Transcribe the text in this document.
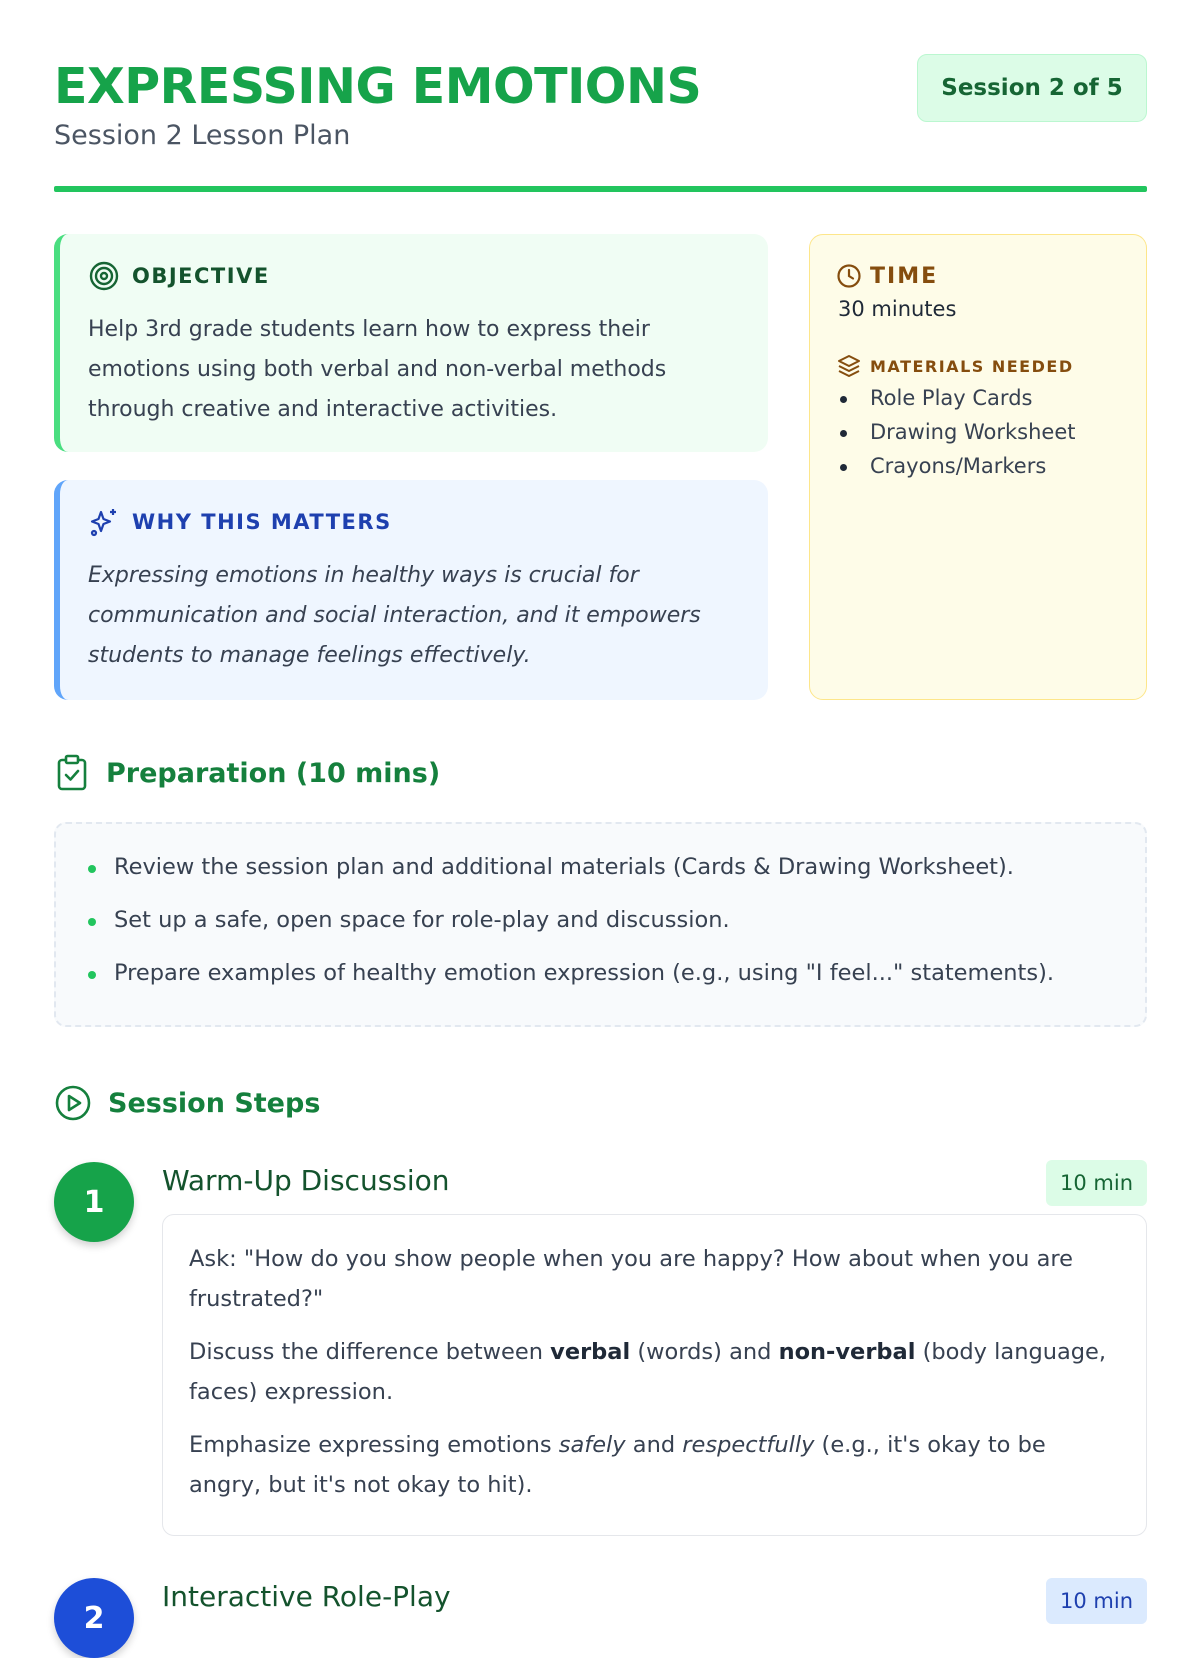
EXPRESSING EMOTIONS
Session 2 Lesson Plan
Session 2 of 5
OBJECTIVE
Help 3rd grade students learn how to express their emotions using both verbal and non-verbal methods through creative and interactive activities.
WHY THIS MATTERS
Expressing emotions in healthy ways is crucial for communication and social interaction, and it empowers students to manage feelings effectively.
TIME
30 minutes
MATERIALS NEEDED
Role Play Cards
Drawing Worksheet
Crayons/Markers
Preparation (10 mins)
Review the session plan and additional materials (Cards & Drawing Worksheet).
Set up a safe, open space for role-play and discussion.
Prepare examples of healthy emotion expression (e.g., using "I feel..." statements).
Session Steps
1
Warm-Up Discussion	10 min

Ask: "How do you show people when you are happy? How about when you are frustrated?"

Discuss the difference between verbal (words) and non-verbal (body language, faces) expression.

Emphasize expressing emotions safely and respectfully (e.g., it's okay to be angry, but it's not okay to hit).

2
Interactive Role-Play	10 min
